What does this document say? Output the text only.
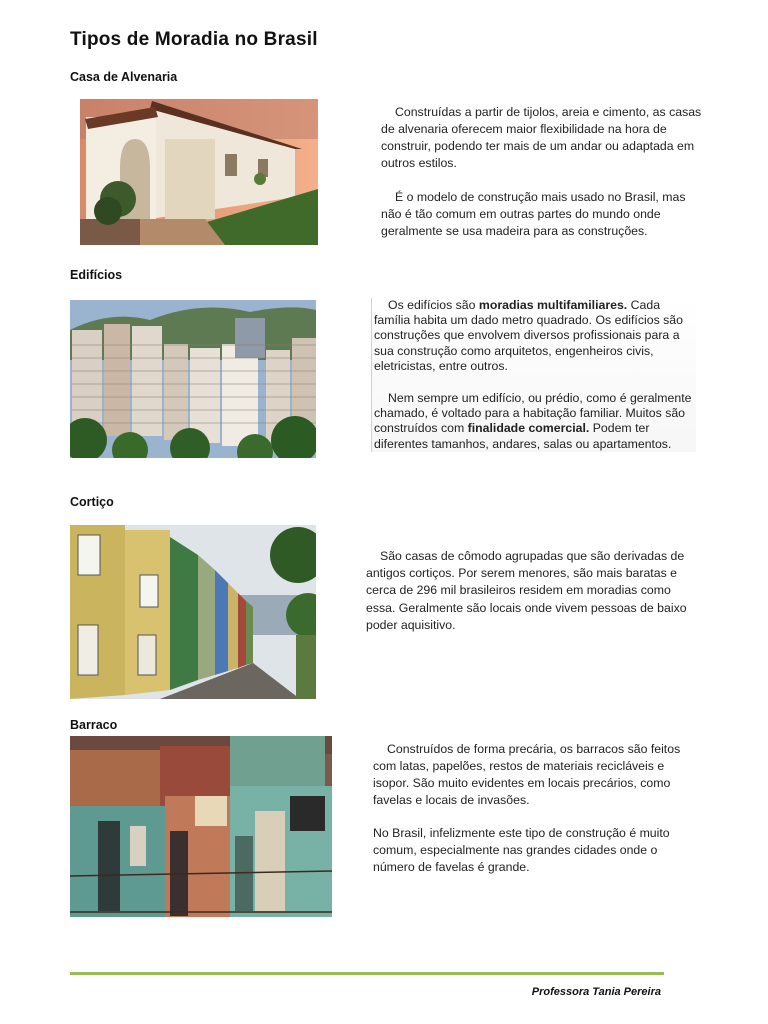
Tipos de Moradia no Brasil
Casa de Alvenaria

Construídas a partir de tijolos, areia e cimento, as casas de alvenaria oferecem maior flexibilidade na hora de construir, podendo ter mais de um andar ou adaptada em outros estilos.

É o modelo de construção mais usado no Brasil, mas não é tão comum em outras partes do mundo onde geralmente se usa madeira para as construções.

Edifícios

Os edifícios são moradias multifamiliares. Cada família habita um dado metro quadrado. Os edifícios são construções que envolvem diversos profissionais para a sua construção como arquitetos, engenheiros civis, eletricistas, entre outros.

Nem sempre um edifício, ou prédio, como é geralmente chamado, é voltado para a habitação familiar. Muitos são construídos com finalidade comercial. Podem ter diferentes tamanhos, andares, salas ou apartamentos.

Cortiço

São casas de cômodo agrupadas que são derivadas de antigos cortiços. Por serem menores, são mais baratas e cerca de 296 mil brasileiros residem em moradias como essa. Geralmente são locais onde vivem pessoas de baixo poder aquisitivo.

Barraco

Construídos de forma precária, os barracos são feitos com latas, papelões, restos de materiais recicláveis e isopor. São muito evidentes em locais precários, como favelas e locais de invasões.

No Brasil, infelizmente este tipo de construção é muito comum, especialmente nas grandes cidades onde o número de favelas é grande.

Professora Tania Pereira
